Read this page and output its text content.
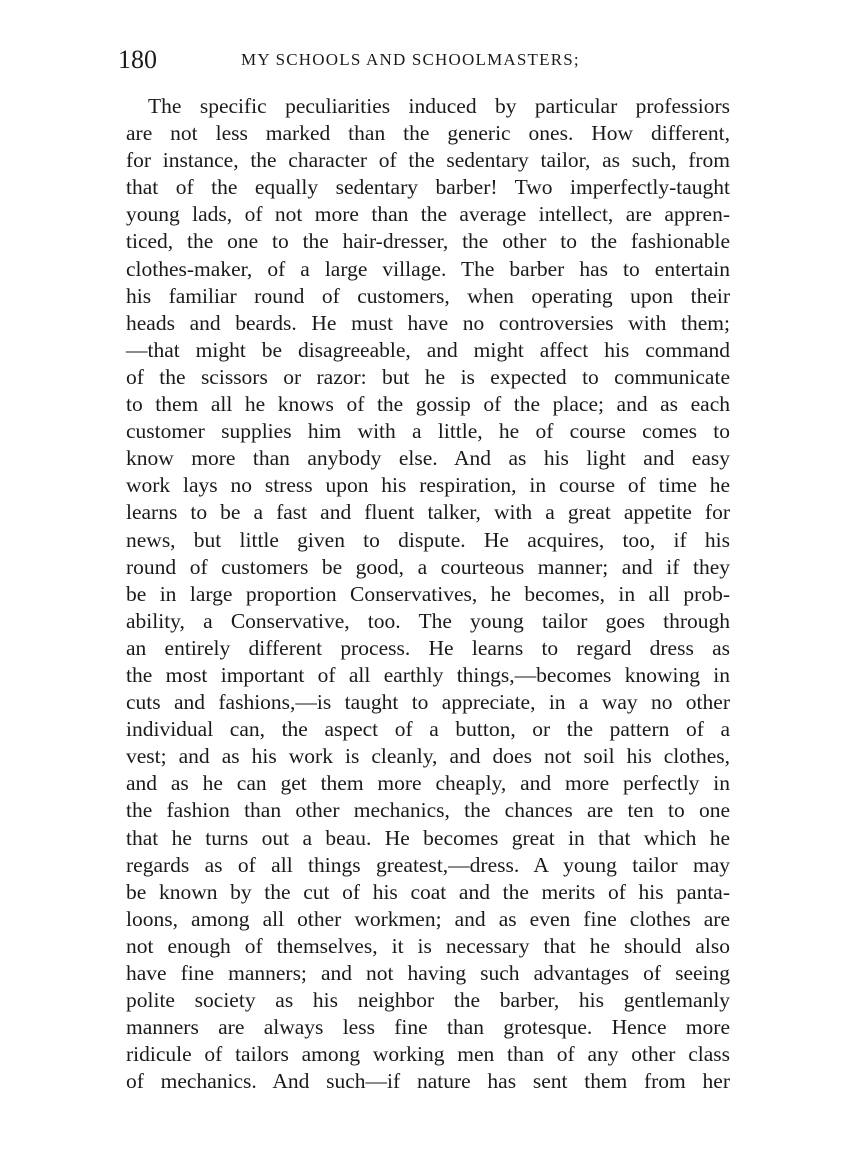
180	MY SCHOOLS AND SCHOOLMASTERS;
The specific peculiarities induced by particular professiors
are not less marked than the generic ones. How different,
for instance, the character of the sedentary tailor, as such, from
that of the equally sedentary barber! Two imperfectly-taught
young lads, of not more than the average intellect, are appren-
ticed, the one to the hair-dresser, the other to the fashionable
clothes-maker, of a large village. The barber has to entertain
his familiar round of customers, when operating upon their
heads and beards. He must have no controversies with them;
—that might be disagreeable, and might affect his command
of the scissors or razor: but he is expected to communicate
to them all he knows of the gossip of the place; and as each
customer supplies him with a little, he of course comes to
know more than anybody else. And as his light and easy
work lays no stress upon his respiration, in course of time he
learns to be a fast and fluent talker, with a great appetite for
news, but little given to dispute. He acquires, too, if his
round of customers be good, a courteous manner; and if they
be in large proportion Conservatives, he becomes, in all prob-
ability, a Conservative, too. The young tailor goes through
an entirely different process. He learns to regard dress as
the most important of all earthly things,—becomes knowing in
cuts and fashions,—is taught to appreciate, in a way no other
individual can, the aspect of a button, or the pattern of a
vest; and as his work is cleanly, and does not soil his clothes,
and as he can get them more cheaply, and more perfectly in
the fashion than other mechanics, the chances are ten to one
that he turns out a beau. He becomes great in that which he
regards as of all things greatest,—dress. A young tailor may
be known by the cut of his coat and the merits of his panta-
loons, among all other workmen; and as even fine clothes are
not enough of themselves, it is necessary that he should also
have fine manners; and not having such advantages of seeing
polite society as his neighbor the barber, his gentlemanly
manners are always less fine than grotesque. Hence more
ridicule of tailors among working men than of any other class
of mechanics. And such—if nature has sent them from her
